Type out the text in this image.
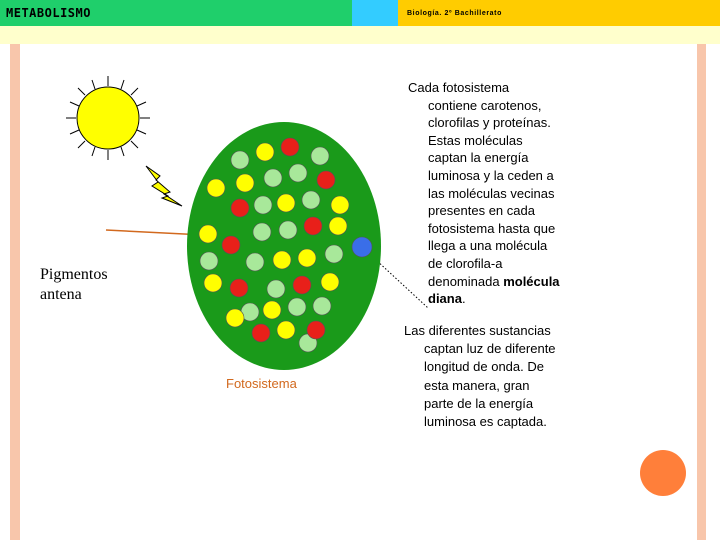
METABOLISMO	Biología. 2º Bachillerato
Pigmentos
antena
Fotosistema
Cada fotosistema
contiene carotenos,
clorofilas y proteínas.
Estas moléculas
captan la energía
luminosa y la ceden a
las moléculas vecinas
presentes en cada
fotosistema hasta que
llega a una molécula
de clorofila-a
denominada molécula
diana.
Las diferentes sustancias
captan luz de diferente
longitud de onda. De
esta manera, gran
parte de la energía
luminosa es captada.
